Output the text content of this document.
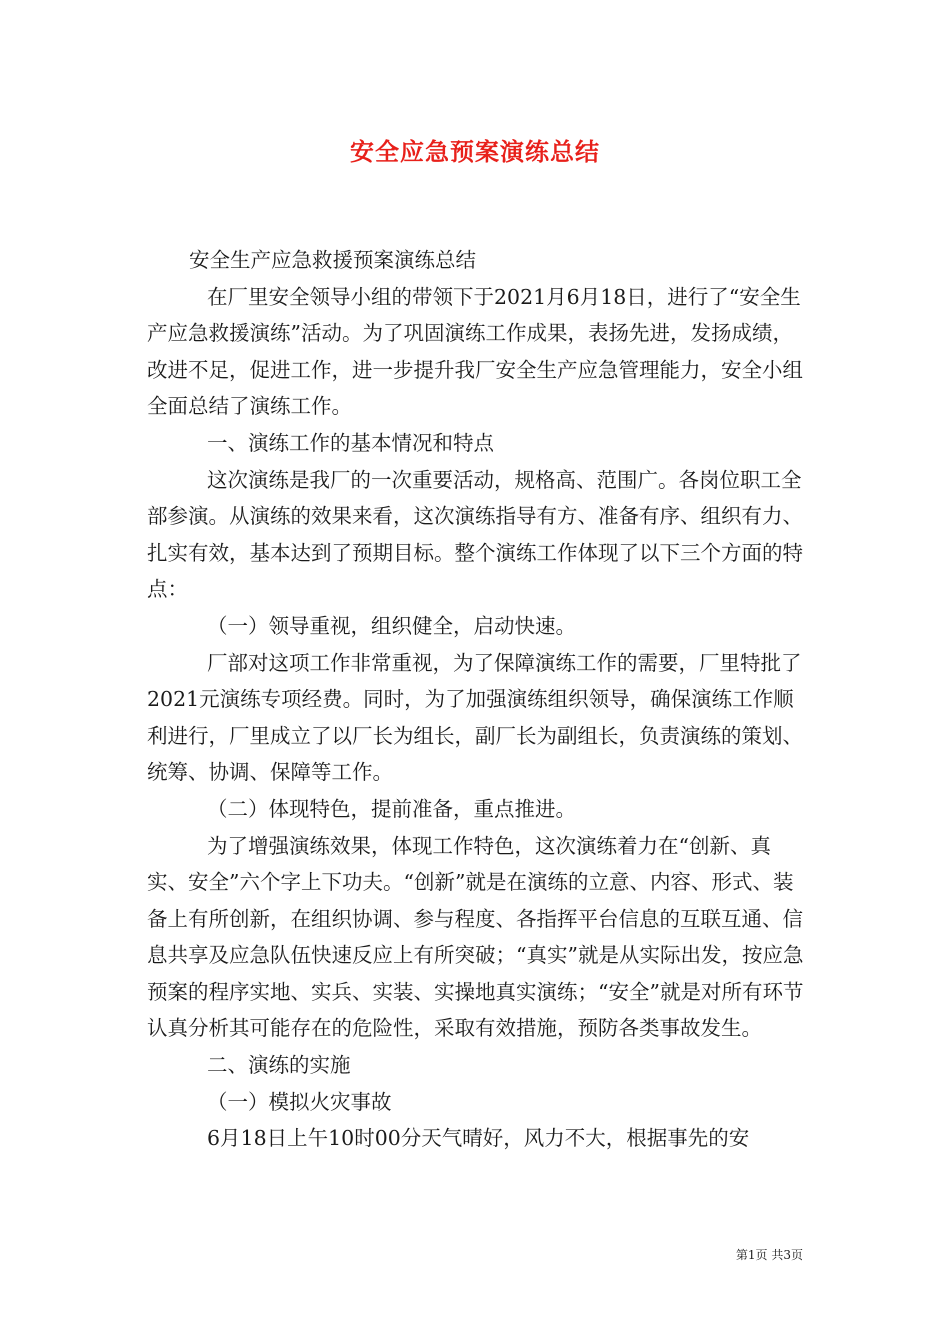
安全应急预案演练总结

安全生产应急救援预案演练总结

在厂里安全领导小组的带领下于2021月6月18日，进行了“安全生产应急救援演练”活动。为了巩固演练工作成果，表扬先进，发扬成绩，改进不足，促进工作，进一步提升我厂安全生产应急管理能力，安全小组全面总结了演练工作。

一、演练工作的基本情况和特点

这次演练是我厂的一次重要活动，规格高、范围广。各岗位职工全部参演。从演练的效果来看，这次演练指导有方、准备有序、组织有力、扎实有效，基本达到了预期目标。整个演练工作体现了以下三个方面的特点：

（一）领导重视，组织健全，启动快速。

厂部对这项工作非常重视，为了保障演练工作的需要，厂里特批了2021元演练专项经费。同时，为了加强演练组织领导，确保演练工作顺利进行，厂里成立了以厂长为组长，副厂长为副组长，负责演练的策划、统筹、协调、保障等工作。

（二）体现特色，提前准备，重点推进。

为了增强演练效果，体现工作特色，这次演练着力在“创新、真实、安全”六个字上下功夫。“创新”就是在演练的立意、内容、形式、装备上有所创新，在组织协调、参与程度、各指挥平台信息的互联互通、信息共享及应急队伍快速反应上有所突破；“真实”就是从实际出发，按应急预案的程序实地、实兵、实装、实操地真实演练；“安全”就是对所有环节认真分析其可能存在的危险性，采取有效措施，预防各类事故发生。

二、演练的实施

（一）模拟火灾事故

6月18日上午10时00分天气晴好，风力不大，根据事先的安

第1页 共3页
